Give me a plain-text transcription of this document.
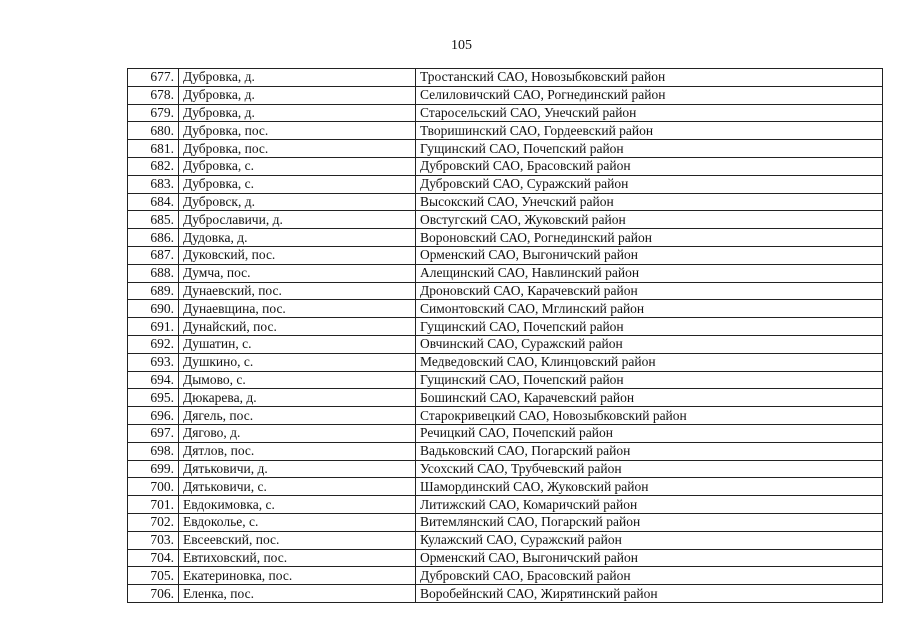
105
677.	Дубровка, д.	Тростанский САО, Новозыбковский район
678.	Дубровка, д.	Селиловичский САО, Рогнединский район
679.	Дубровка, д.	Старосельский САО, Унечский район
680.	Дубровка, пос.	Творишинский САО, Гордеевский район
681.	Дубровка, пос.	Гущинский САО, Почепский район
682.	Дубровка, с.	Дубровский САО, Брасовский район
683.	Дубровка, с.	Дубровский САО, Суражский район
684.	Дубровск, д.	Высокский САО, Унечский район
685.	Дуброславичи, д.	Овстугский САО, Жуковский район
686.	Дудовка, д.	Вороновский САО, Рогнединский район
687.	Дуковский, пос.	Орменский САО, Выгоничский район
688.	Думча, пос.	Алещинский САО, Навлинский район
689.	Дунаевский, пос.	Дроновский САО, Карачевский район
690.	Дунаевщина, пос.	Симонтовский САО, Мглинский район
691.	Дунайский, пос.	Гущинский САО, Почепский район
692.	Душатин, с.	Овчинский САО, Суражский район
693.	Душкино, с.	Медведовский САО, Клинцовский район
694.	Дымово, с.	Гущинский САО, Почепский район
695.	Дюкарева, д.	Бошинский САО, Карачевский район
696.	Дягель, пос.	Старокривецкий САО, Новозыбковский район
697.	Дягово, д.	Речицкий САО, Почепский район
698.	Дятлов, пос.	Вадьковский САО, Погарский район
699.	Дятьковичи, д.	Усохский САО, Трубчевский район
700.	Дятьковичи, с.	Шамординский САО, Жуковский район
701.	Евдокимовка, с.	Литижский САО, Комаричский район
702.	Евдокольe, с.	Витемлянский САО, Погарский район
703.	Евсеевский, пос.	Кулажский САО, Суражский район
704.	Евтиховский, пос.	Орменский САО, Выгоничский район
705.	Екатериновка, пос.	Дубровский САО, Брасовский район
706.	Еленка, пос.	Воробейнский САО, Жирятинский район
